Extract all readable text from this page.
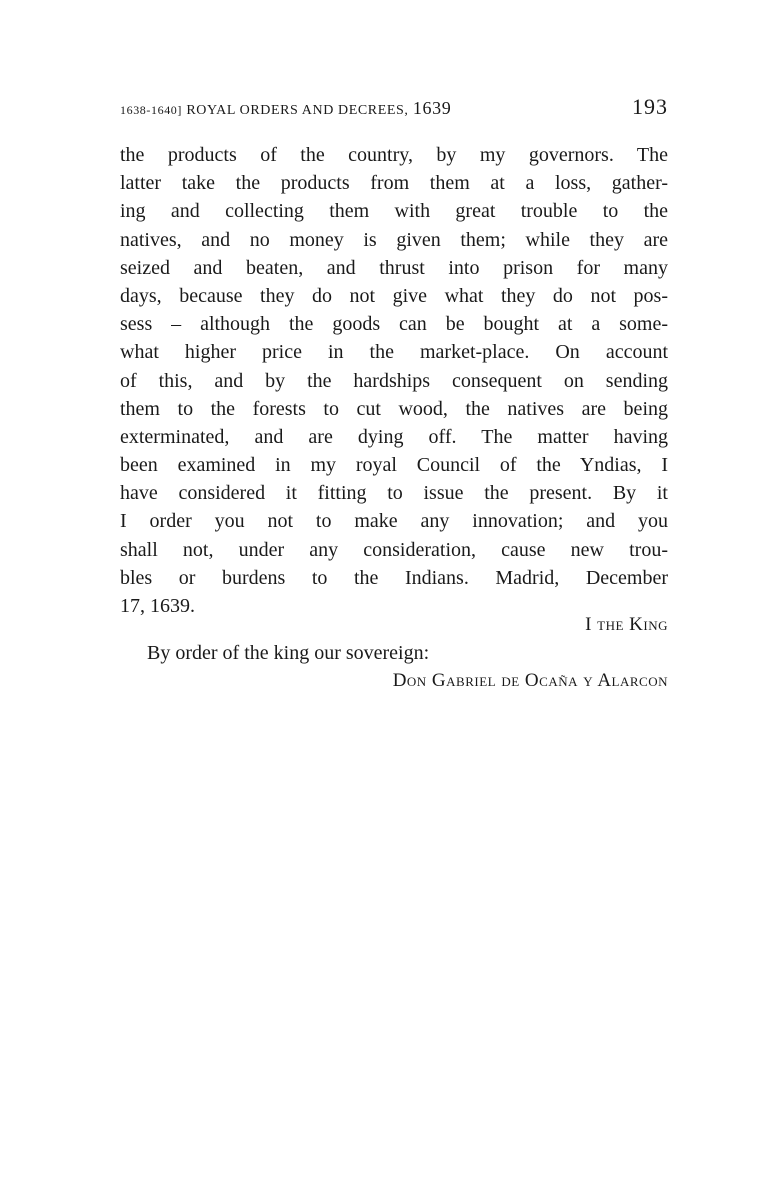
1638-1640] ROYAL ORDERS AND DECREES, 1639	193
the products of the country, by my governors. The
latter take the products from them at a loss, gather-
ing and collecting them with great trouble to the
natives, and no money is given them; while they are
seized and beaten, and thrust into prison for many
days, because they do not give what they do not pos-
sess – although the goods can be bought at a some-
what higher price in the market-place. On account
of this, and by the hardships consequent on sending
them to the forests to cut wood, the natives are being
exterminated, and are dying off. The matter having
been examined in my royal Council of the Yndias, I
have considered it fitting to issue the present. By it
I order you not to make any innovation; and you
shall not, under any consideration, cause new trou-
bles or burdens to the Indians. Madrid, December
17, 1639.
I the King
By order of the king our sovereign:
Don Gabriel de Ocaña y Alarcon
